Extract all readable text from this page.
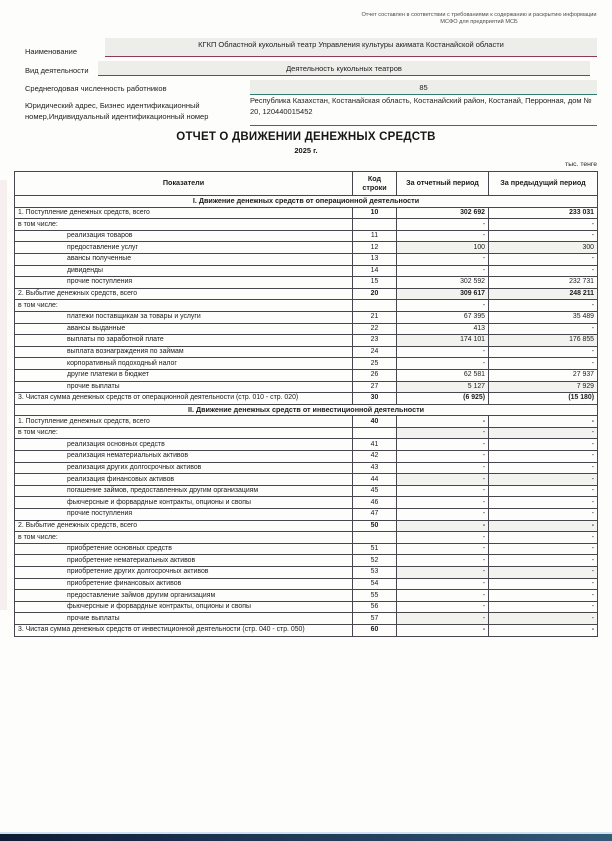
Отчет составлен в соответствии с требованиями к содержанию и раскрытию информации МСФО для предприятий МСБ
Наименование
КГКП Областной кукольный театр Управления культуры акимата Костанайской области
Вид деятельности	Деятельность кукольных театров
Среднегодовая численность работников	85
Юридический адрес, Бизнес идентификационный номер,Индивидуальный идентификационный номер
Республика Казахстан, Костанайская область, Костанайский район, Костанай, Перронная, дом № 20, 120440015452
ОТЧЕТ О ДВИЖЕНИИ ДЕНЕЖНЫХ СРЕДСТВ
2025 г.
тыс. тенге
Показатели	Код строки	За отчетный период	За предыдущий период
I. Движение денежных средств от операционной деятельности			
1. Поступление денежных средств, всего	10	302 692	233 031
в том числе:		-	-
реализация товаров	11	-	-
предоставление услуг	12	100	300
авансы полученные	13	-	-
дивиденды	14	-	-
прочие поступления	15	302 592	232 731
2. Выбытие денежных средств, всего	20	309 617	248 211
в том числе:		-	-
платежи поставщикам за товары и услуги	21	67 395	35 489
авансы выданные	22	413	-
выплаты по заработной плате	23	174 101	176 855
выплата вознаграждения по займам	24	-	-
корпоративный подоходный налог	25	-	-
другие платежи в бюджет	26	62 581	27 937
прочие выплаты	27	5 127	7 929
3. Чистая сумма денежных средств от операционной деятельности (стр. 010 - стр. 020)	30	(6 925)	(15 180)
II. Движение денежных средств от инвестиционной деятельности			
1. Поступление денежных средств, всего	40	-	-
в том числе:		-	-
реализация основных средств	41	-	-
реализация нематериальных активов	42	-	-
реализация других долгосрочных активов	43	-	-
реализация финансовых активов	44	-	-
погашение займов, предоставленных другим организациям	45	-	-
фьючерсные и форвардные контракты, опционы и свопы	46	-	-
прочие поступления	47	-	-
2. Выбытие денежных средств, всего	50	-	-
в том числе:		-	-
приобретение основных средств	51	-	-
приобретение нематериальных активов	52	-	-
приобретение других долгосрочных активов	53	-	-
приобретение финансовых активов	54	-	-
предоставление займов другим организациям	55	-	-
фьючерсные и форвардные контракты, опционы и свопы	56	-	-
прочие выплаты	57	-	-
3. Чистая сумма денежных средств от инвестиционной деятельности (стр. 040 - стр. 050)	60	-	-
